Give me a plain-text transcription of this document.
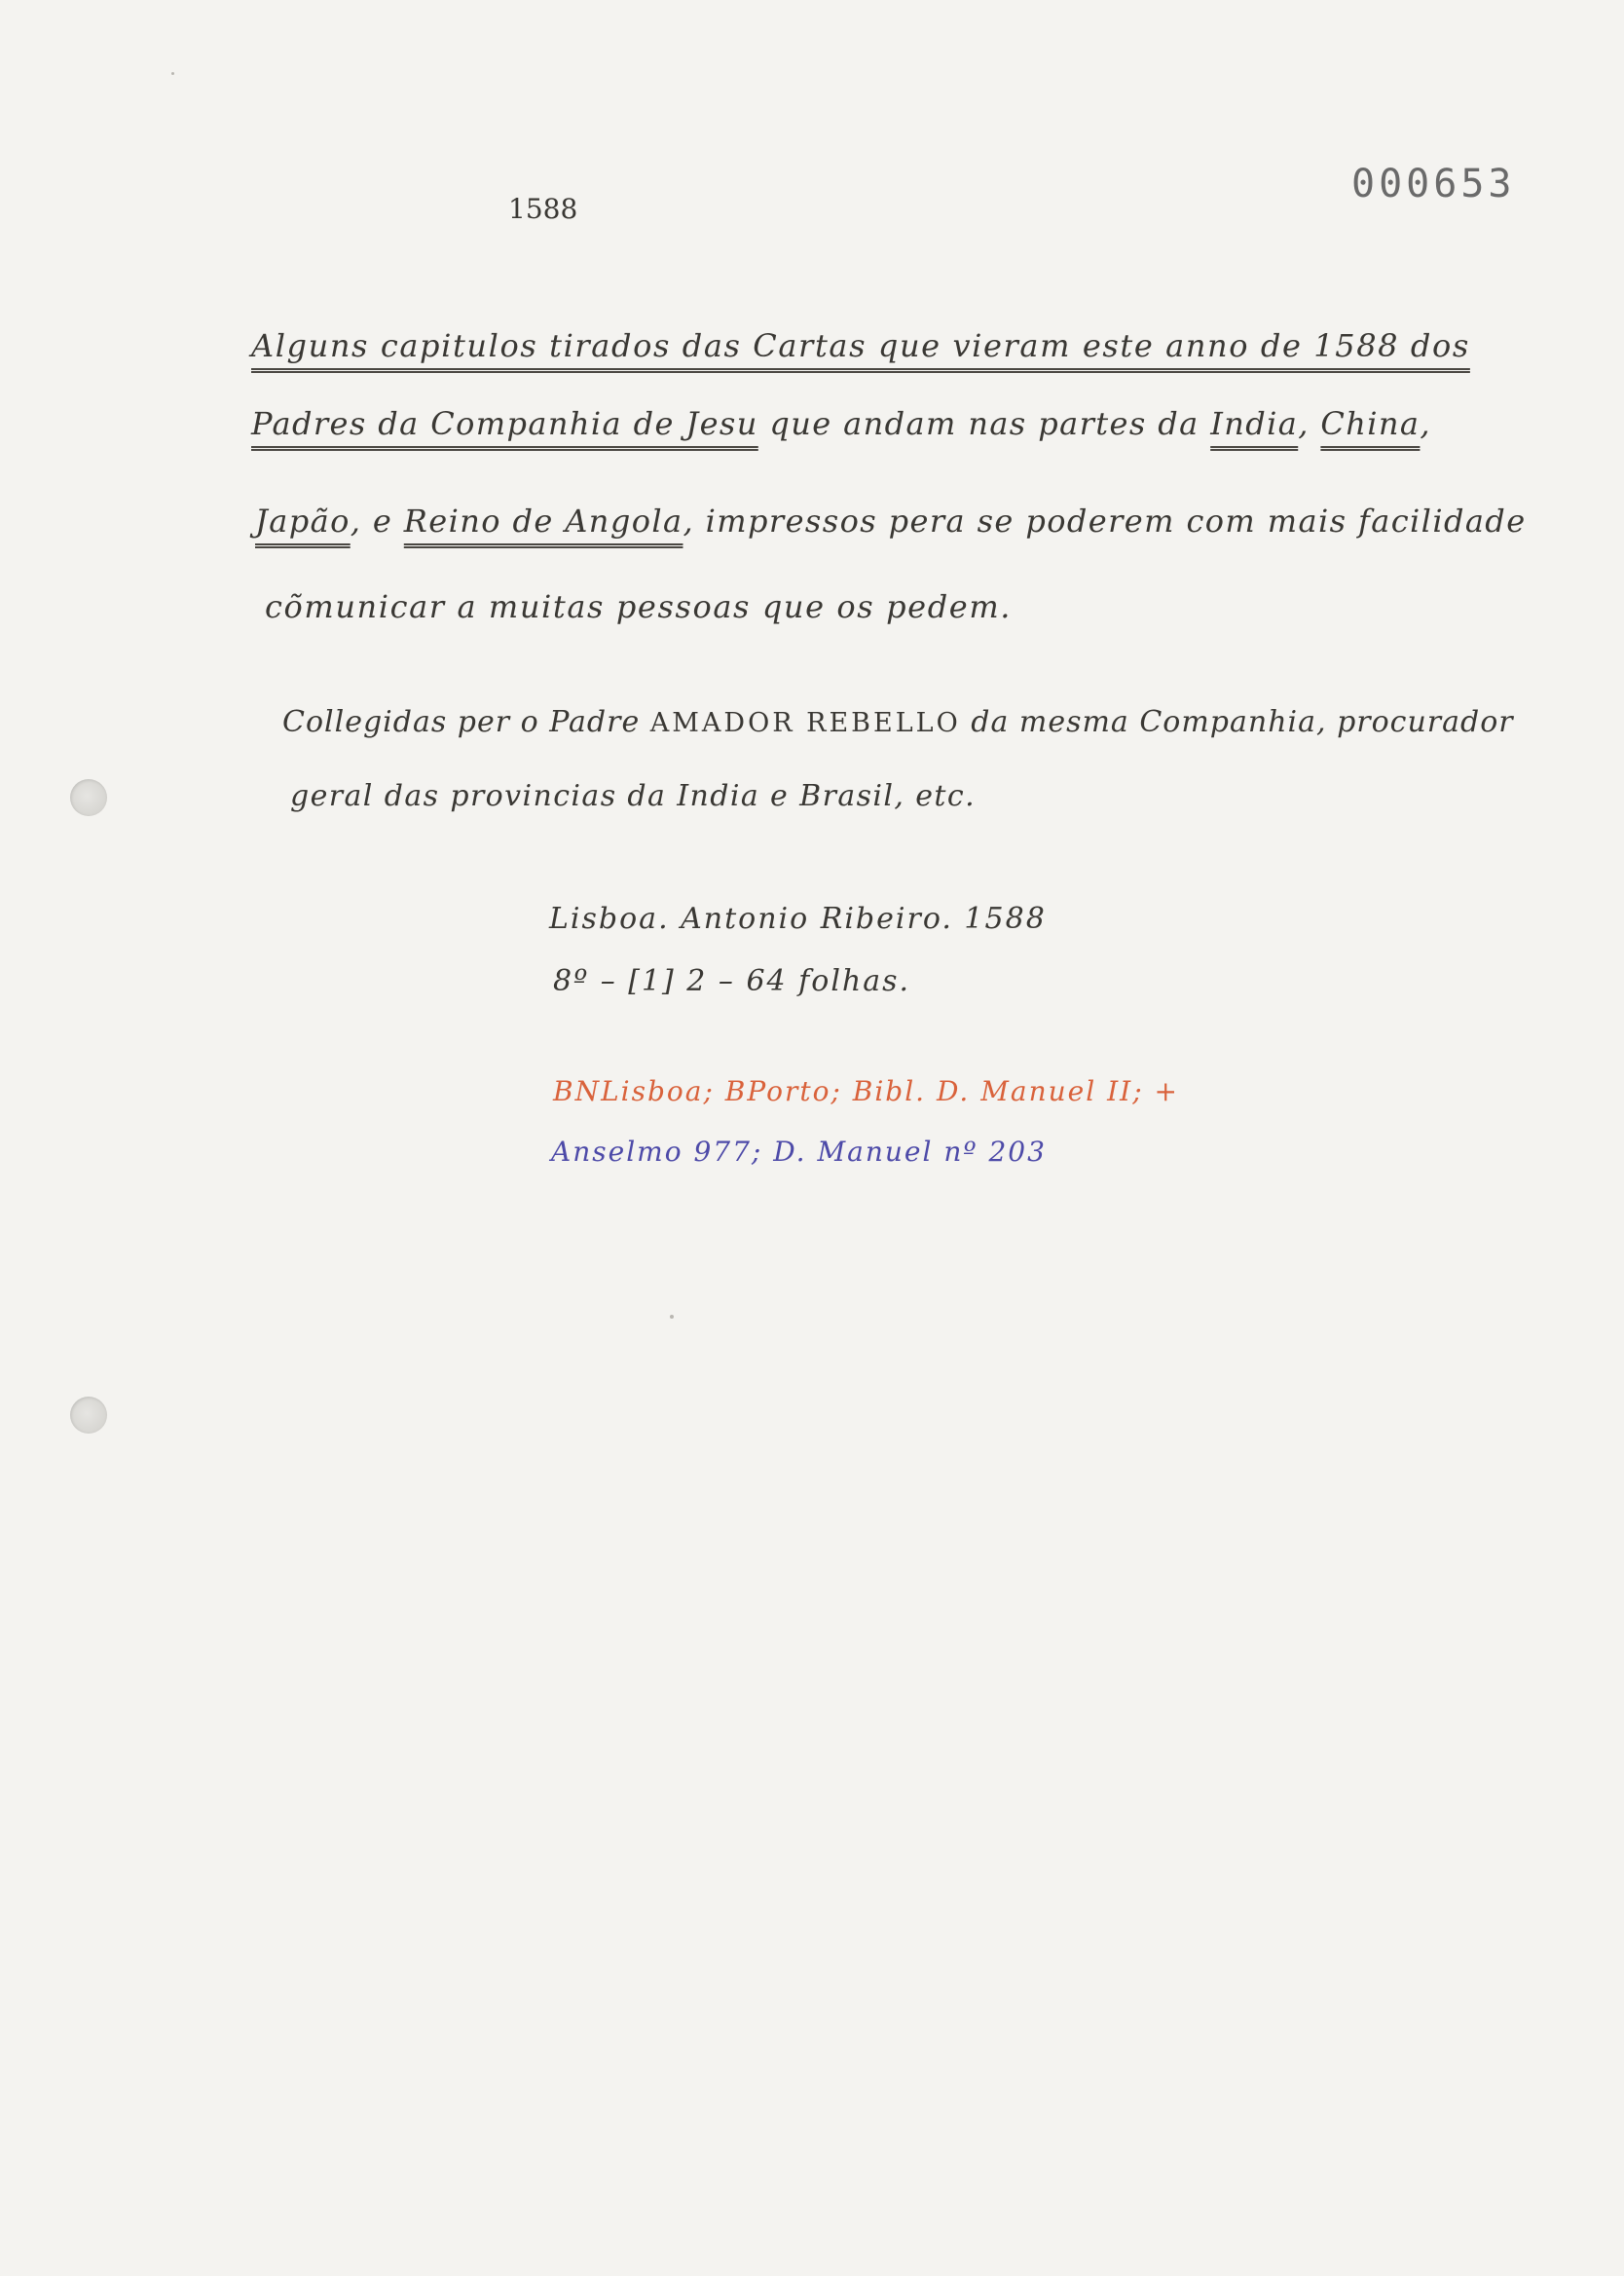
1588
000653
Alguns capitulos tirados das Cartas que vieram este anno de 1588 dos
Padres da Companhia de Jesu que andam nas partes da India, China,
Japão, e Reino de Angola, impressos pera se poderem com mais facilidade
cõmunicar a muitas pessoas que os pedem.
Collegidas per o Padre AMADOR REBELLO da mesma Companhia, procurador
geral das provincias da India e Brasil, etc.
Lisboa. Antonio Ribeiro. 1588
8º – [1] 2 – 64 folhas.
BNLisboa; BPorto; Bibl. D. Manuel II; +
Anselmo 977; D. Manuel nº 203
